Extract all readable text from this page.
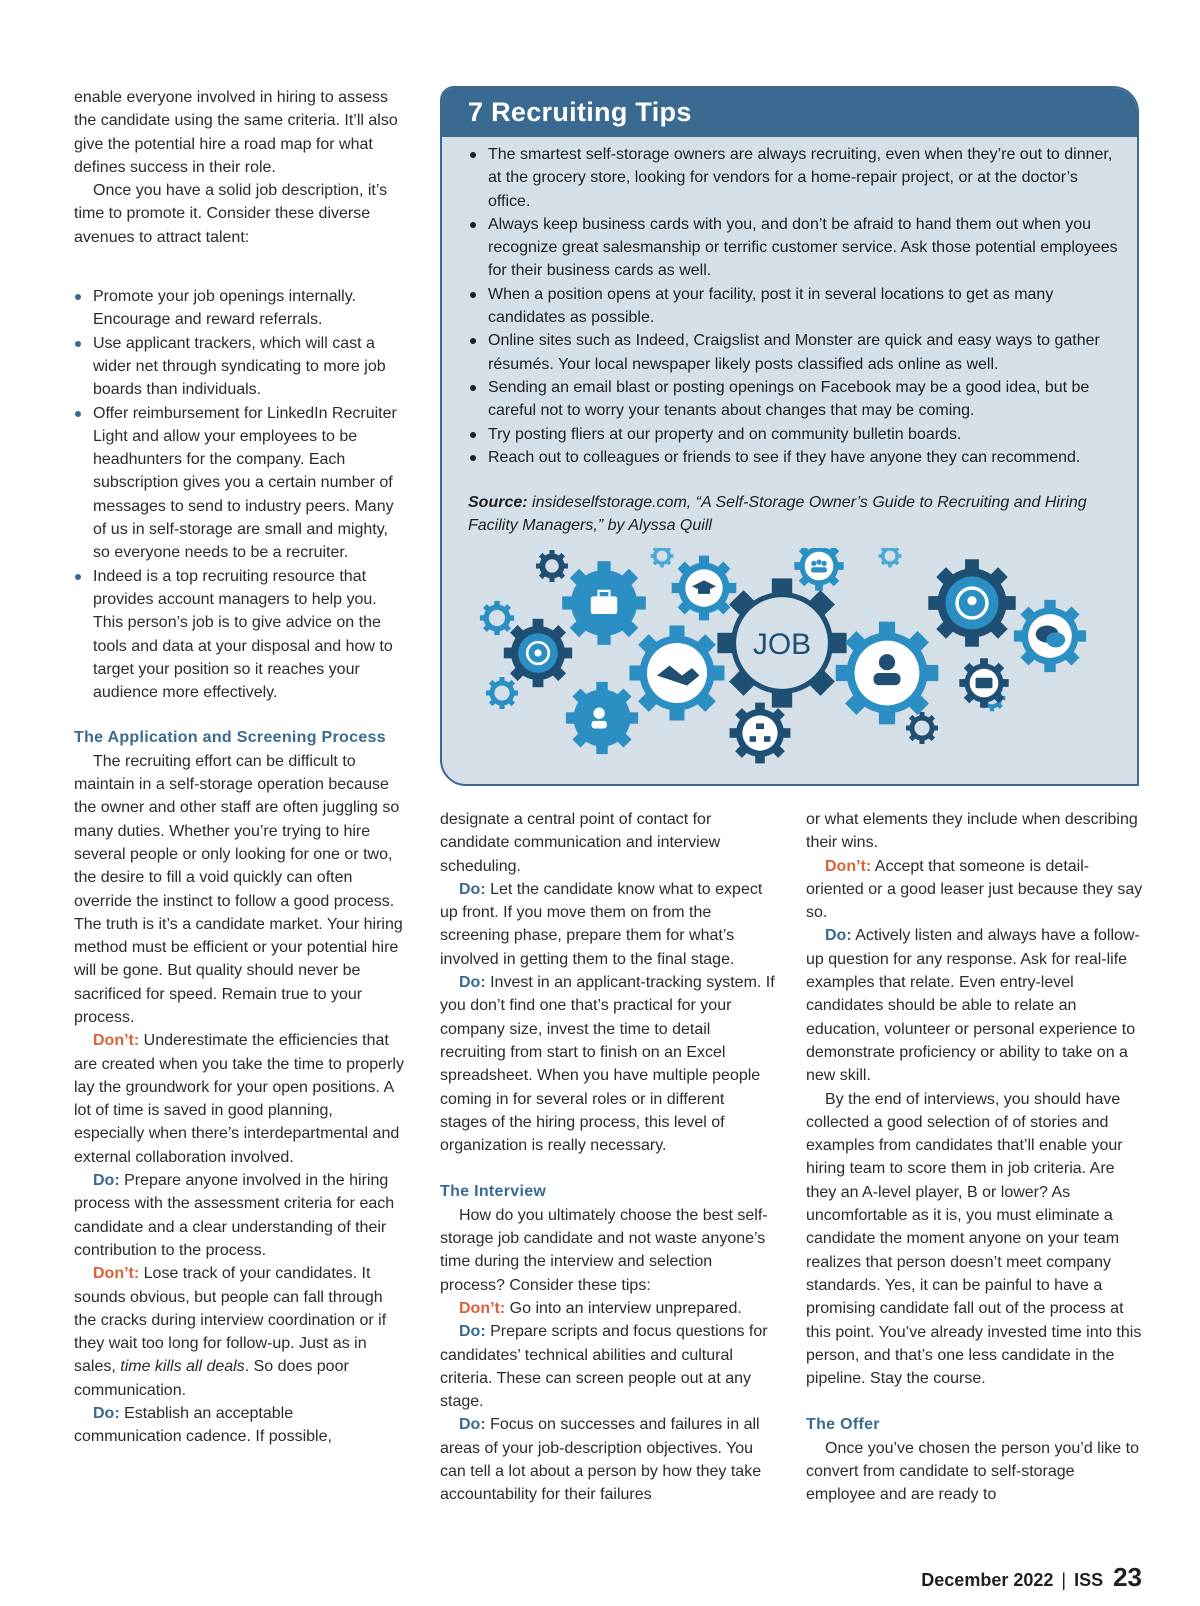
enable everyone involved in hiring to assess the candidate using the same criteria. It’ll also give the potential hire a road map for what defines success in their role.

Once you have a solid job description, it’s time to promote it. Consider these diverse avenues to attract talent:

Promote your job openings internally. Encourage and reward referrals.
Use applicant trackers, which will cast a wider net through syndicating to more job boards than individuals.
Offer reimbursement for LinkedIn Recruiter Light and allow your employees to be headhunters for the company. Each subscription gives you a certain number of messages to send to industry peers. Many of us in self-storage are small and mighty, so everyone needs to be a recruiter.
Indeed is a top recruiting resource that provides account managers to help you. This person’s job is to give advice on the tools and data at your disposal and how to target your position so it reaches your audience more effectively.
The Application and Screening Process

The recruiting effort can be difficult to maintain in a self-storage operation because the owner and other staff are often juggling so many duties. Whether you’re trying to hire several people or only looking for one or two, the desire to fill a void quickly can often override the instinct to follow a good process. The truth is it’s a candidate market. Your hiring method must be efficient or your potential hire will be gone. But quality should never be sacrificed for speed. Remain true to your process.

Don’t: Underestimate the efficiencies that are created when you take the time to properly lay the groundwork for your open positions. A lot of time is saved in good planning, especially when there’s interdepartmental and external collaboration involved.

Do: Prepare anyone involved in the hiring process with the assessment criteria for each candidate and a clear understanding of their contribution to the process.

Don’t: Lose track of your candidates. It sounds obvious, but people can fall through the cracks during interview coordination or if they wait too long for follow-up. Just as in sales, time kills all deals. So does poor communication.

Do: Establish an acceptable communication cadence. If possible,

7 Recruiting Tips
The smartest self-storage owners are always recruiting, even when they’re out to dinner, at the grocery store, looking for vendors for a home-repair project, or at the doctor’s office.
Always keep business cards with you, and don’t be afraid to hand them out when you recognize great salesmanship or terrific customer service. Ask those potential employees for their business cards as well.
When a position opens at your facility, post it in several locations to get as many candidates as possible.
Online sites such as Indeed, Craigslist and Monster are quick and easy ways to gather résumés. Your local newspaper likely posts classified ads online as well.
Sending an email blast or posting openings on Facebook may be a good idea, but be careful not to worry your tenants about changes that may be coming.
Try posting fliers at our property and on community bulletin boards.
Reach out to colleagues or friends to see if they have anyone they can recommend.
Source: insideselfstorage.com, “A Self-Storage Owner’s Guide to Recruiting and Hiring Facility Managers,” by Alyssa Quill
JOB

designate a central point of contact for candidate communication and interview scheduling.

Do: Let the candidate know what to expect up front. If you move them on from the screening phase, prepare them for what’s involved in getting them to the final stage.

Do: Invest in an applicant-tracking system. If you don’t find one that’s practical for your company size, invest the time to detail recruiting from start to finish on an Excel spreadsheet. When you have multiple people coming in for several roles or in different stages of the hiring process, this level of organization is really necessary.

The Interview

How do you ultimately choose the best self-storage job candidate and not waste anyone’s time during the interview and selection process? Consider these tips:

Don’t: Go into an interview unprepared.

Do: Prepare scripts and focus questions for candidates’ technical abilities and cultural criteria. These can screen people out at any stage.

Do: Focus on successes and failures in all areas of your job-description objectives. You can tell a lot about a person by how they take accountability for their failures

or what elements they include when describing their wins.

Don’t: Accept that someone is detail-oriented or a good leaser just because they say so.

Do: Actively listen and always have a follow-up question for any response. Ask for real-life examples that relate. Even entry-level candidates should be able to relate an education, volunteer or personal experience to demonstrate proficiency or ability to take on a new skill.

By the end of interviews, you should have collected a good selection of of stories and examples from candidates that’ll enable your hiring team to score them in job criteria. Are they an A-level player, B or lower? As uncomfortable as it is, you must eliminate a candidate the moment anyone on your team realizes that person doesn’t meet company standards. Yes, it can be painful to have a promising candidate fall out of the process at this point. You’ve already invested time into this person, and that’s one less candidate in the pipeline. Stay the course.

The Offer

Once you’ve chosen the person you’d like to convert from candidate to self-storage employee and are ready to

December 2022 | ISS 23
